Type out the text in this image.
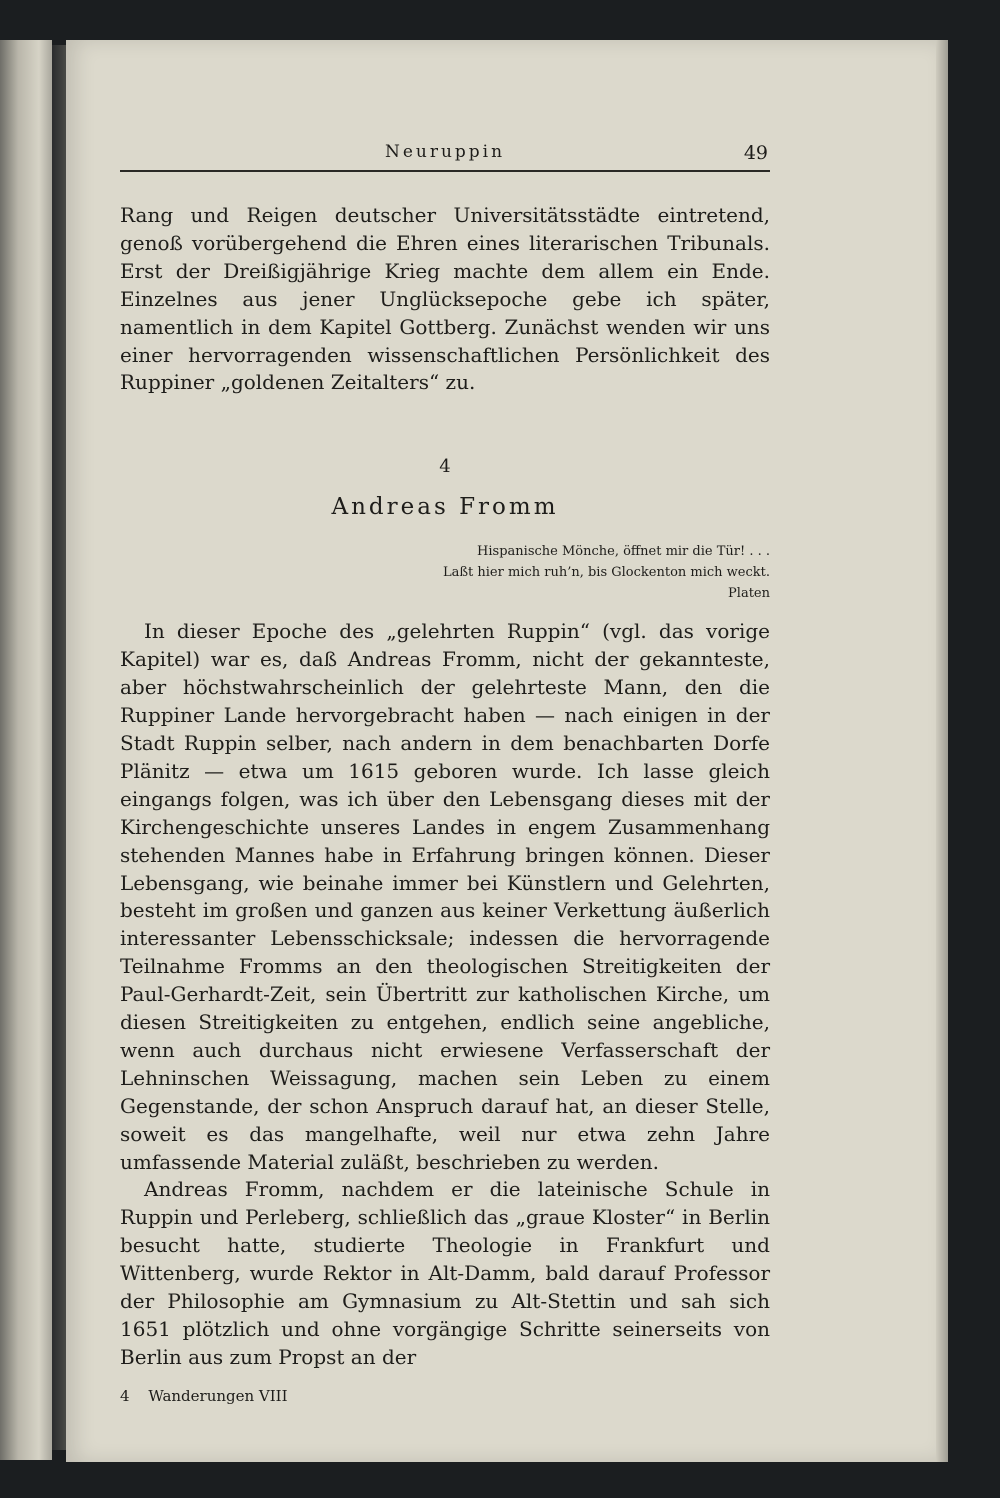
Neuruppin	49

Rang und Reigen deutscher Universitätsstädte eintretend, genoß vorübergehend die Ehren eines literarischen Tribunals. Erst der Dreißigjährige Krieg machte dem allem ein Ende. Einzelnes aus jener Unglücksepoche gebe ich später, namentlich in dem Kapitel Gottberg. Zunächst wenden wir uns einer hervorragenden wissenschaftlichen Persönlichkeit des Ruppiner „goldenen Zeitalters“ zu.

4
Andreas Fromm
Hispanische Mönche, öffnet mir die Tür! . . .
Laßt hier mich ruh’n, bis Glockenton mich weckt.
Platen

In dieser Epoche des „gelehrten Ruppin“ (vgl. das vorige Kapitel) war es, daß Andreas Fromm, nicht der gekannteste, aber höchstwahrscheinlich der gelehrteste Mann, den die Ruppiner Lande hervorgebracht haben — nach einigen in der Stadt Ruppin selber, nach andern in dem benachbarten Dorfe Plänitz — etwa um 1615 geboren wurde. Ich lasse gleich eingangs folgen, was ich über den Lebensgang dieses mit der Kirchengeschichte unseres Landes in engem Zusammenhang stehenden Mannes habe in Erfahrung bringen können. Dieser Lebensgang, wie beinahe immer bei Künstlern und Gelehrten, besteht im großen und ganzen aus keiner Verkettung äußerlich interessanter Lebensschicksale; indessen die hervorragende Teilnahme Fromms an den theologischen Streitigkeiten der Paul-Gerhardt-Zeit, sein Übertritt zur katholischen Kirche, um diesen Streitigkeiten zu entgehen, endlich seine angebliche, wenn auch durchaus nicht erwiesene Verfasserschaft der Lehninschen Weissagung, machen sein Leben zu einem Gegenstande, der schon Anspruch darauf hat, an dieser Stelle, soweit es das mangelhafte, weil nur etwa zehn Jahre umfassende Material zuläßt, beschrieben zu werden.

Andreas Fromm, nachdem er die lateinische Schule in Ruppin und Perleberg, schließlich das „graue Kloster“ in Berlin besucht hatte, studierte Theologie in Frankfurt und Wittenberg, wurde Rektor in Alt-Damm, bald darauf Professor der Philosophie am Gymnasium zu Alt-Stettin und sah sich 1651 plötzlich und ohne vorgängige Schritte seinerseits von Berlin aus zum Propst an der

4 Wanderungen VIII
